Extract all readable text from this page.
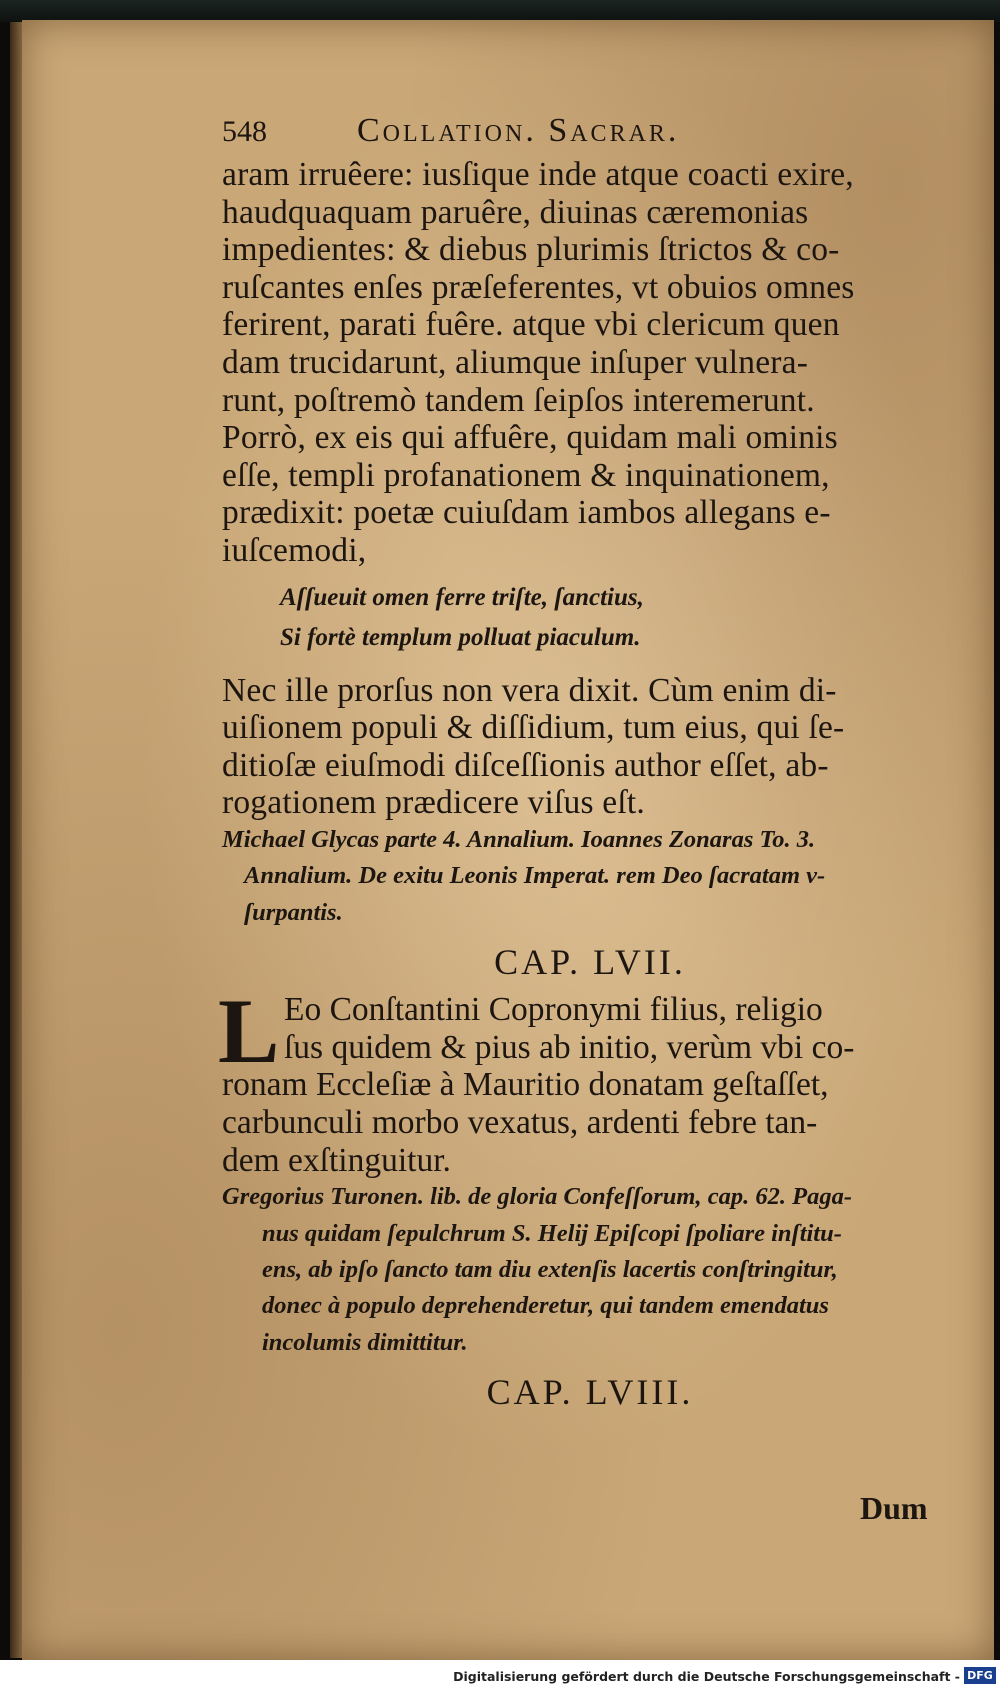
548	Collation. Sacrar.
aram irruêere: iusſique inde atque coacti exire,
haudquaquam paruêre, diuinas cæremonias
impedientes: & diebus plurimis ſtrictos & co-
ruſcantes enſes præſeferentes, vt obuios omnes
ferirent, parati fuêre. atque vbi clericum quen
dam trucidarunt, aliumque inſuper vulnera-
runt, poſtremò tandem ſeipſos interemerunt.
Porrò, ex eis qui affuêre, quidam mali ominis
eſſe, templi profanationem & inquinationem,
prædixit: poetæ cuiuſdam iambos allegans e-
iuſcemodi,
Aſſueuit omen ferre triſte, ſanctius,
Si fortè templum polluat piaculum.
Nec ille prorſus non vera dixit. Cùm enim di-
uiſionem populi & diſſidium, tum eius, qui ſe-
ditioſæ eiuſmodi diſceſſionis author eſſet, ab-
rogationem prædicere viſus eſt.
Michael Glycas parte 4. Annalium. Ioannes Zonaras To. 3.
Annalium. De exitu Leonis Imperat. rem Deo ſacratam v-
ſurpantis.
CAP. LVII.
L Eo Conſtantini Copronymi filius, religio
ſus quidem & pius ab initio, verùm vbi co-
ronam Eccleſiæ à Mauritio donatam geſtaſſet,
carbunculi morbo vexatus, ardenti febre tan-
dem exſtinguitur.
Gregorius Turonen. lib. de gloria Confeſſorum, cap. 62. Paga-
nus quidam ſepulchrum S. Helij Epiſcopi ſpoliare inſtitu-
ens, ab ipſo ſancto tam diu extenſis lacertis conſtringitur,
donec à populo deprehenderetur, qui tandem emendatus
incolumis dimittitur.
CAP. LVIII.
Dum
Digitalisierung gefördert durch die Deutsche Forschungsgemeinschaft - DFG
